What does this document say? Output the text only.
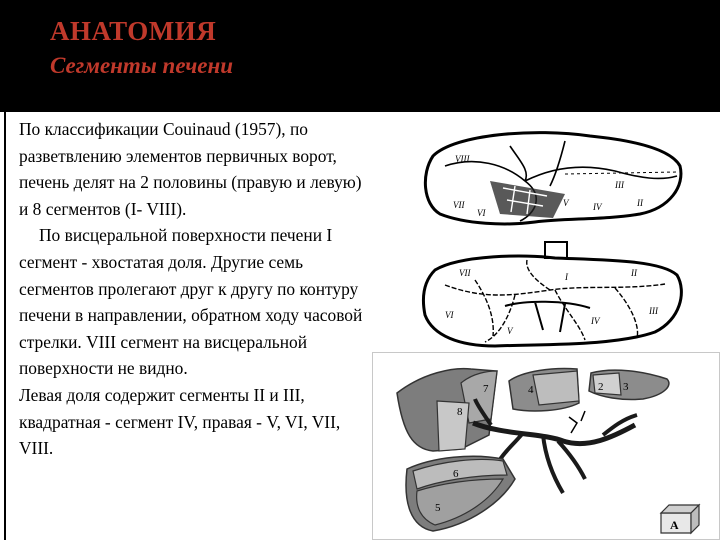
АНАТОМИЯ
Сегменты печени

По классификации Couinaud (1957), по разветвлению элементов первичных ворот, печень делят на 2 половины (правую и левую) и 8 сегментов (I- VIII).

По висцеральной поверхности печени I сегмент - хвостатая доля. Другие семь сегментов пролегают друг к другу по контуру печени в направлении, обратном ходу часовой стрелки. VIII сегмент на висцеральной поверхности не видно.

Левая доля содержит сегменты II и III, квадратная - сегмент IV, правая - V, VI, VII, VIII.

VII
VI
V	IV	II
III
VIII
VII
VI
V
IV
II
III
I
7
8
4	2 3
6
5
A
